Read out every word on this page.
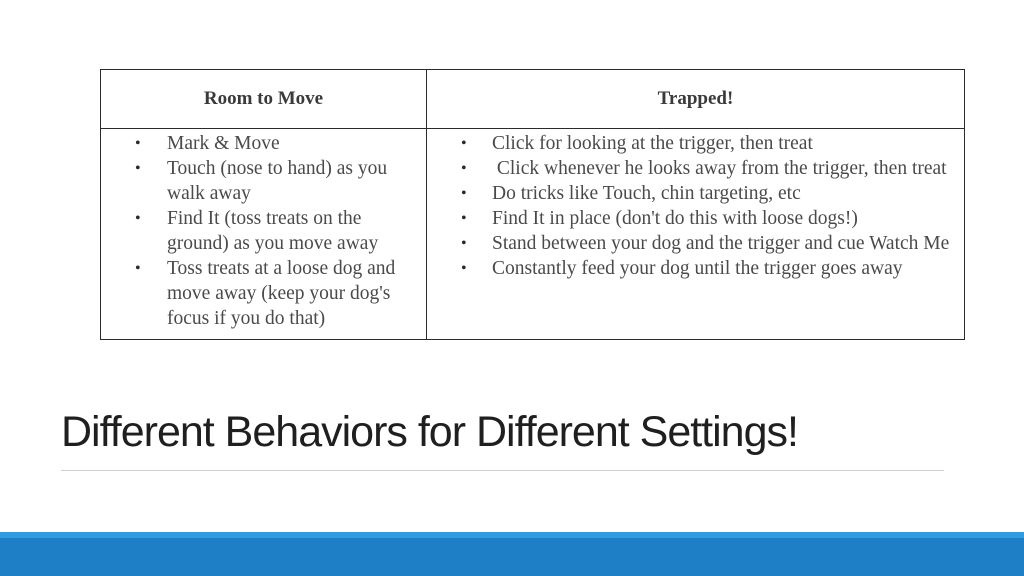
Room to Move	Trapped!
• Mark & Move
• Touch (nose to hand) as you walk away
• Find It (toss treats on the ground) as you move away
• Toss treats at a loose dog and move away (keep your dog's focus if you do that)
• Click for looking at the trigger, then treat
• Click whenever he looks away from the trigger, then treat
• Do tricks like Touch, chin targeting, etc
• Find It in place (don't do this with loose dogs!)
• Stand between your dog and the trigger and cue Watch Me
• Constantly feed your dog until the trigger goes away
Different Behaviors for Different Settings!
